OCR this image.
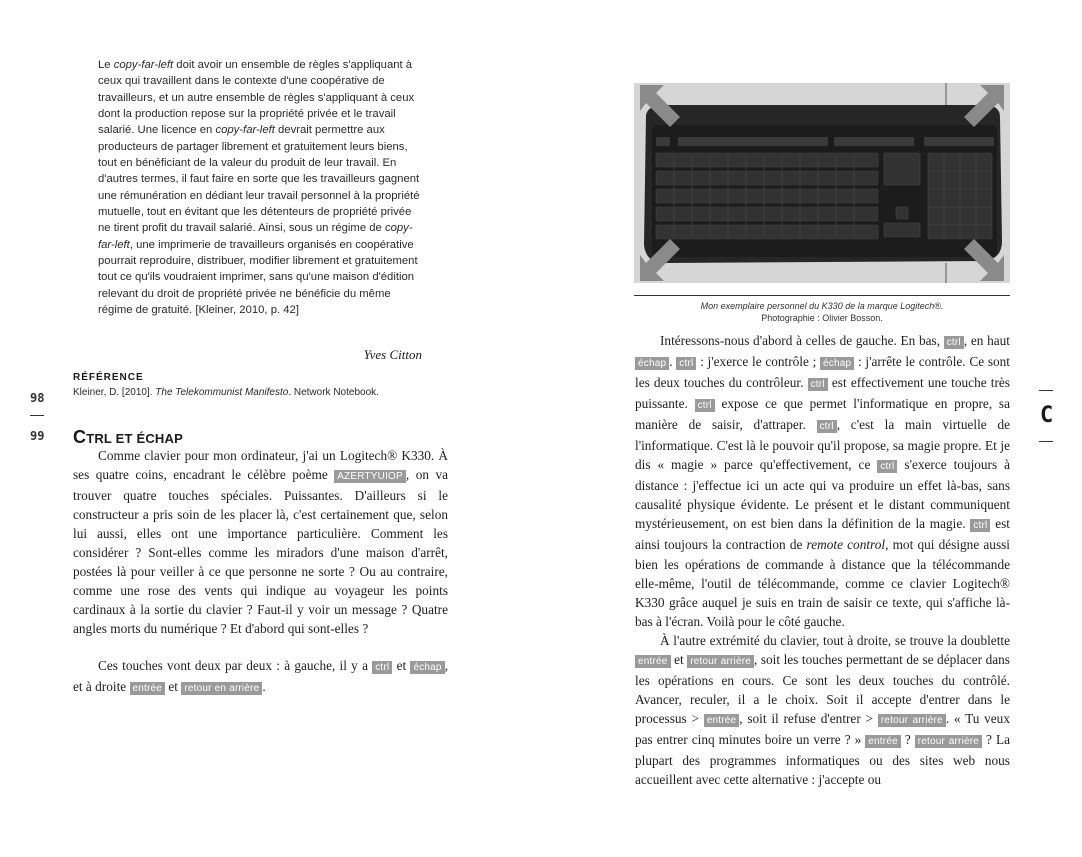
Le copy-far-left doit avoir un ensemble de règles s'appliquant à ceux qui travaillent dans le contexte d'une coopérative de travailleurs, et un autre ensemble de règles s'appliquant à ceux dont la production repose sur la propriété privée et le travail salarié. Une licence en copy-far-left devrait permettre aux producteurs de partager librement et gratuitement leurs biens, tout en bénéficiant de la valeur du produit de leur travail. En d'autres termes, il faut faire en sorte que les travailleurs gagnent une rémunération en dédiant leur travail personnel à la propriété mutuelle, tout en évitant que les détenteurs de propriété privée ne tirent profit du travail salarié. Ainsi, sous un régime de copy-far-left, une imprimerie de travailleurs organisés en coopérative pourrait reproduire, distribuer, modifier librement et gratuitement tout ce qu'ils voudraient imprimer, sans qu'une maison d'édition relevant du droit de propriété privée ne bénéficie du même régime de gratuité. [Kleiner, 2010, p. 42]

Yves Citton
RÉFÉRENCE
Kleiner, D. [2010]. The Telekommunist Manifesto. Network Notebook.
98
99 CTRL ET ÉCHAP

Comme clavier pour mon ordinateur, j'ai un Logitech® K330. À ses quatre coins, encadrant le célèbre poème AZERTYUIOP , on va trouver quatre touches spéciales. Puissantes. D'ailleurs si le constructeur a pris soin de les placer là, c'est certainement que, selon lui aussi, elles ont une importance particulière. Comment les considérer ? Sont-elles comme les miradors d'une maison d'arrêt, postées là pour veiller à ce que personne ne sorte ? Ou au contraire, comme une rose des vents qui indique au voyageur les points cardinaux à la sortie du clavier ? Faut-il y voir un message ? Quatre angles morts du numérique ? Et d'abord qui sont-elles ?

Ces touches vont deux par deux : à gauche, il y a ctrl et échap , et à droite entrée et retour en arrière .

Mon exemplaire personnel du K330 de la marque Logitech®.
Photographie : Olivier Bosson.
C

Intéressons-nous d'abord à celles de gauche. En bas, ctrl , en haut échap . ctrl : j'exerce le contrôle ; échap : j'arrête le contrôle. Ce sont les deux touches du contrôleur. ctrl est effectivement une touche très puissante. ctrl expose ce que permet l'informatique en propre, sa manière de saisir, d'attraper. ctrl , c'est la main virtuelle de l'informatique. C'est là le pouvoir qu'il propose, sa magie propre. Et je dis « magie » parce qu'effectivement, ce ctrl s'exerce toujours à distance : j'effectue ici un acte qui va produire un effet là-bas, sans causalité physique évidente. Le présent et le distant communiquent mystérieusement, on est bien dans la définition de la magie. ctrl est ainsi toujours la contraction de remote control, mot qui désigne aussi bien les opérations de commande à distance que la télécommande elle-même, l'outil de télécommande, comme ce clavier Logitech® K330 grâce auquel je suis en train de saisir ce texte, qui s'affiche là-bas à l'écran. Voilà pour le côté gauche.

À l'autre extrémité du clavier, tout à droite, se trouve la doublette entrée et retour arrière , soit les touches permettant de se déplacer dans les opérations en cours. Ce sont les deux touches du contrôlé. Avancer, reculer, il a le choix. Soit il accepte d'entrer dans le processus > entrée , soit il refuse d'entrer > retour arrière . « Tu veux pas entrer cinq minutes boire un verre ? » entrée ? retour arrière ? La plupart des programmes informatiques ou des sites web nous accueillent avec cette alternative : j'accepte ou
